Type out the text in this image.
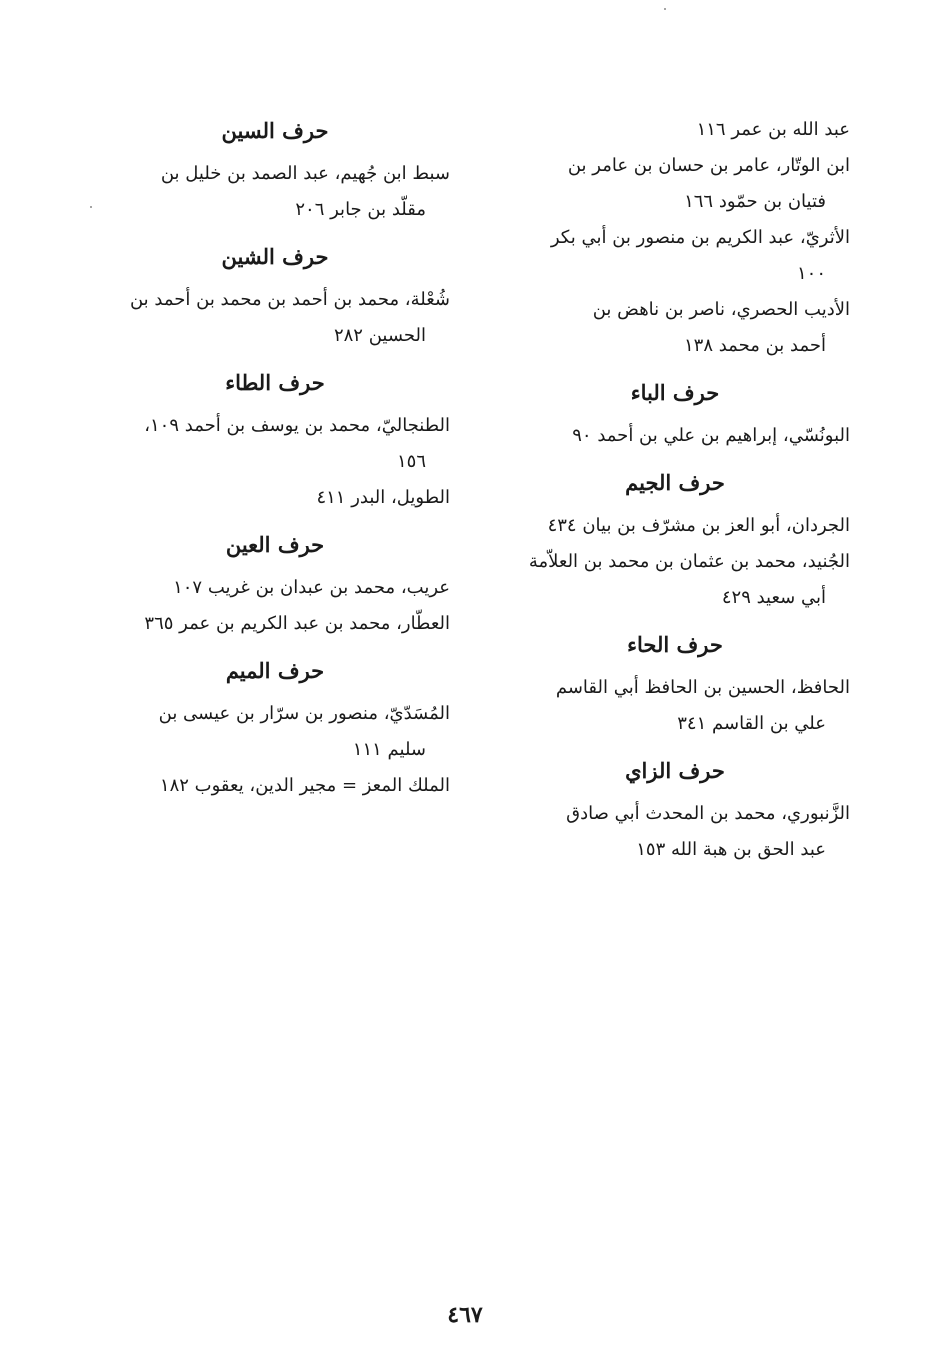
عبد الله بن عمر ١١٦
ابن الوتّار، عامر بن حسان بن عامر بن
فتيان بن حمّود ١٦٦
الأثريّ، عبد الكريم بن منصور بن أبي بكر
١٠٠
الأديب الحصري، ناصر بن ناهض بن
أحمد بن محمد ١٣٨
حرف الباء
البونُسّي، إبراهيم بن علي بن أحمد ٩٠
حرف الجيم
الجردان، أبو العز بن مشرّف بن بيان ٤٣٤
الجُنيد، محمد بن عثمان بن محمد بن العلاّمة
أبي سعيد ٤٢٩
حرف الحاء
الحافظ، الحسين بن الحافظ أبي القاسم
علي بن القاسم ٣٤١
حرف الزاي
الزَّنبوري، محمد بن المحدث أبي صادق
عبد الحق بن هبة الله ١٥٣
حرف السين
سبط ابن جُهيم، عبد الصمد بن خليل بن
مقلّد بن جابر ٢٠٦
حرف الشين
شُعْلة، محمد بن أحمد بن محمد بن أحمد بن
الحسين ٢٨٢
حرف الطاء
الطنجاليّ، محمد بن يوسف بن أحمد ١٠٩،
١٥٦
الطويل، البدر ٤١١
حرف العين
عريب، محمد بن عبدان بن غريب ١٠٧
العطّار، محمد بن عبد الكريم بن عمر ٣٦٥
حرف الميم
المُسَدّيّ، منصور بن سرّار بن عيسى بن
سليم ١١١
الملك المعز = مجير الدين، يعقوب ١٨٢
٤٦٧
